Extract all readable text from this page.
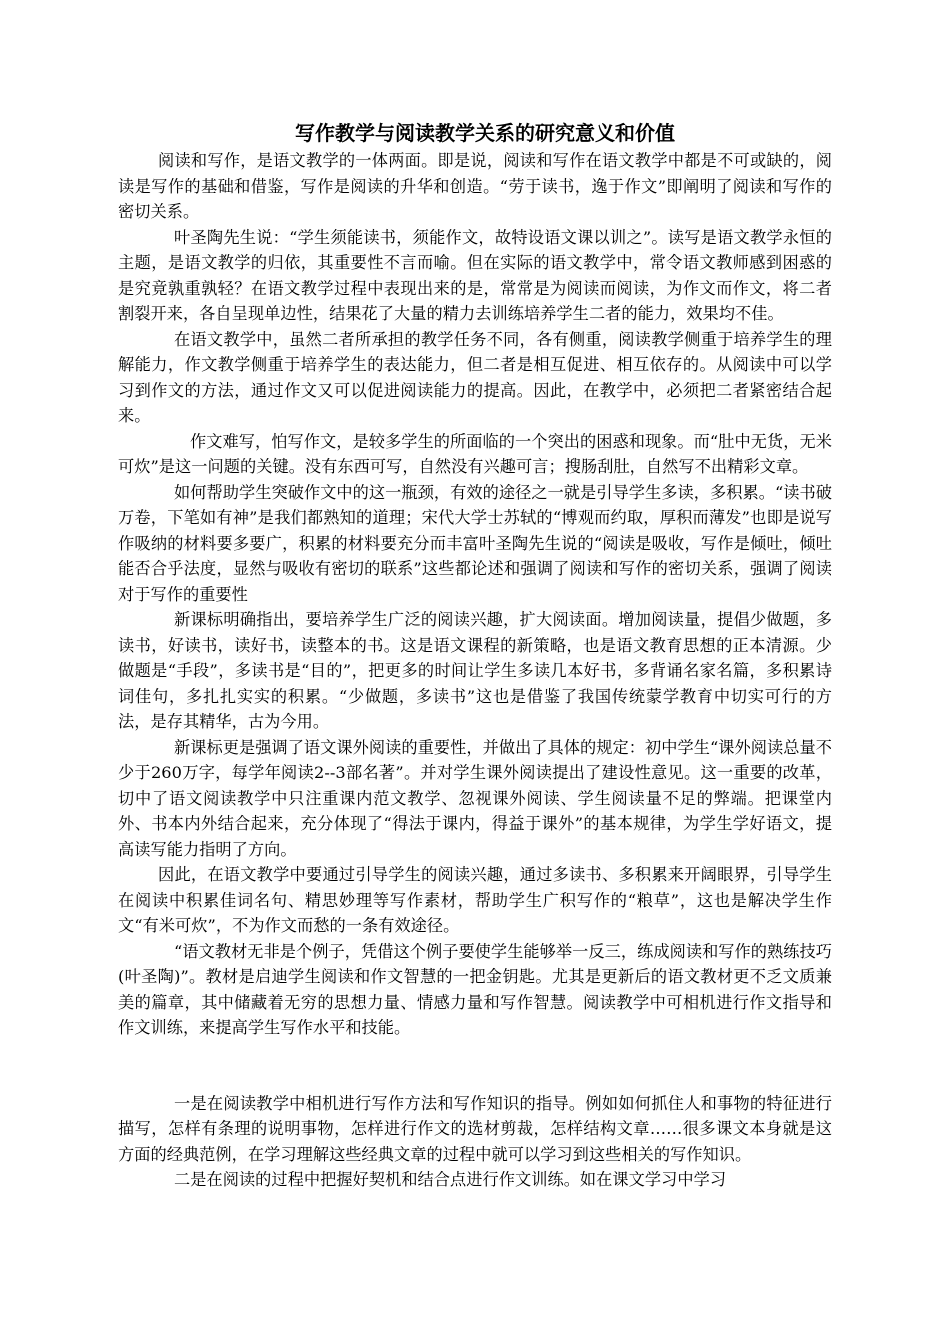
写作教学与阅读教学关系的研究意义和价值

阅读和写作，是语文教学的一体两面。即是说，阅读和写作在语文教学中都是不可或缺的，阅读是写作的基础和借鉴，写作是阅读的升华和创造。“劳于读书，逸于作文”即阐明了阅读和写作的密切关系。

叶圣陶先生说：“学生须能读书，须能作文，故特设语文课以训之”。读写是语文教学永恒的主题，是语文教学的归依，其重要性不言而喻。但在实际的语文教学中，常令语文教师感到困惑的是究竟孰重孰轻？在语文教学过程中表现出来的是，常常是为阅读而阅读，为作文而作文，将二者割裂开来，各自呈现单边性，结果花了大量的精力去训练培养学生二者的能力，效果均不佳。

在语文教学中，虽然二者所承担的教学任务不同，各有侧重，阅读教学侧重于培养学生的理解能力，作文教学侧重于培养学生的表达能力，但二者是相互促进、相互依存的。从阅读中可以学习到作文的方法，通过作文又可以促进阅读能力的提高。因此，在教学中，必须把二者紧密结合起来。

作文难写，怕写作文，是较多学生的所面临的一个突出的困惑和现象。而“肚中无货，无米可炊”是这一问题的关键。没有东西可写，自然没有兴趣可言；搜肠刮肚，自然写不出精彩文章。

如何帮助学生突破作文中的这一瓶颈，有效的途径之一就是引导学生多读，多积累。“读书破万卷，下笔如有神”是我们都熟知的道理；宋代大学士苏轼的“博观而约取，厚积而薄发”也即是说写作吸纳的材料要多要广，积累的材料要充分而丰富叶圣陶先生说的“阅读是吸收，写作是倾吐，倾吐能否合乎法度，显然与吸收有密切的联系”这些都论述和强调了阅读和写作的密切关系，强调了阅读对于写作的重要性

新课标明确指出，要培养学生广泛的阅读兴趣，扩大阅读面。增加阅读量，提倡少做题，多读书，好读书，读好书，读整本的书。这是语文课程的新策略，也是语文教育思想的正本清源。少做题是“手段”，多读书是“目的”，把更多的时间让学生多读几本好书，多背诵名家名篇，多积累诗词佳句，多扎扎实实的积累。“少做题，多读书”这也是借鉴了我国传统蒙学教育中切实可行的方法，是存其精华，古为今用。

新课标更是强调了语文课外阅读的重要性，并做出了具体的规定：初中学生“课外阅读总量不少于260万字，每学年阅读2--3部名著”。并对学生课外阅读提出了建设性意见。这一重要的改革，切中了语文阅读教学中只注重课内范文教学、忽视课外阅读、学生阅读量不足的弊端。把课堂内外、书本内外结合起来，充分体现了“得法于课内，得益于课外”的基本规律，为学生学好语文，提高读写能力指明了方向。

因此，在语文教学中要通过引导学生的阅读兴趣，通过多读书、多积累来开阔眼界，引导学生在阅读中积累佳词名句、精思妙理等写作素材，帮助学生广积写作的“粮草”，这也是解决学生作文“有米可炊”，不为作文而愁的一条有效途径。

“语文教材无非是个例子，凭借这个例子要使学生能够举一反三，练成阅读和写作的熟练技巧(叶圣陶)”。教材是启迪学生阅读和作文智慧的一把金钥匙。尤其是更新后的语文教材更不乏文质兼美的篇章，其中储藏着无穷的思想力量、情感力量和写作智慧。阅读教学中可相机进行作文指导和作文训练，来提高学生写作水平和技能。

一是在阅读教学中相机进行写作方法和写作知识的指导。例如如何抓住人和事物的特征进行描写，怎样有条理的说明事物，怎样进行作文的选材剪裁，怎样结构文章……很多课文本身就是这方面的经典范例，在学习理解这些经典文章的过程中就可以学习到这些相关的写作知识。

二是在阅读的过程中把握好契机和结合点进行作文训练。如在课文学习中学习
